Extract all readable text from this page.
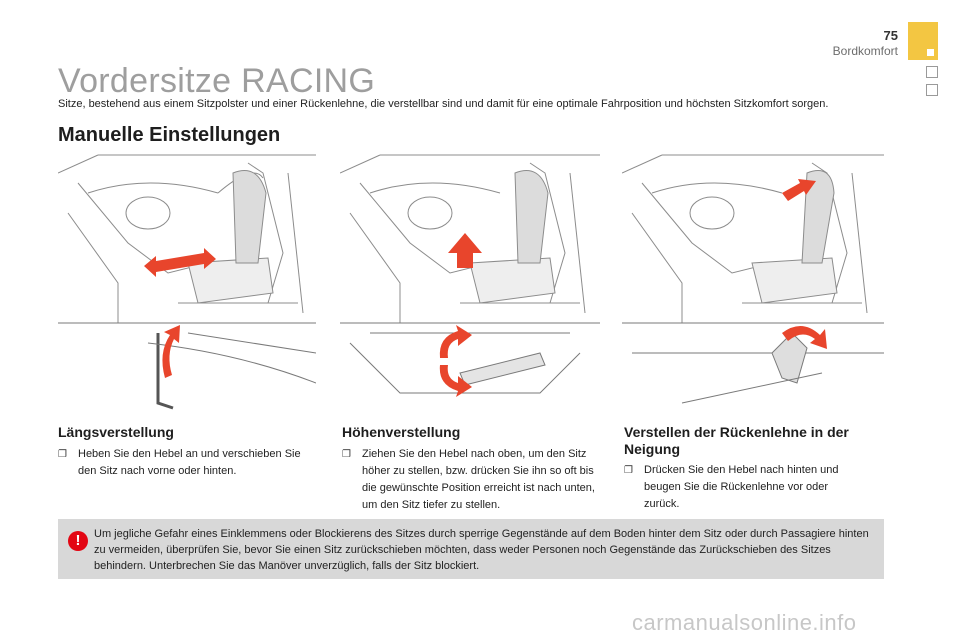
75
Bordkomfort
Vordersitze RACING
Sitze, bestehend aus einem Sitzpolster und einer Rückenlehne, die verstellbar sind und damit für eine optimale Fahrposition und höchsten Sitzkomfort sorgen.
Manuelle Einstellungen
Längsverstellung
❐	Heben Sie den Hebel an und verschieben Sie den Sitz nach vorne oder hinten.
Höhenverstellung
❐	Ziehen Sie den Hebel nach oben, um den Sitz höher zu stellen, bzw. drücken Sie ihn so oft bis die gewünschte Position erreicht ist nach unten, um den Sitz tiefer zu stellen.
Verstellen der Rückenlehne in der Neigung
❐	Drücken Sie den Hebel nach hinten und beugen Sie die Rückenlehne vor oder zurück.
!	Um jegliche Gefahr eines Einklemmens oder Blockierens des Sitzes durch sperrige Gegenstände auf dem Boden hinter dem Sitz oder durch Passagiere hinten zu vermeiden, überprüfen Sie, bevor Sie einen Sitz zurückschieben möchten, dass weder Personen noch Gegenstände das Zurückschieben des Sitzes behindern. Unterbrechen Sie das Manöver unverzüglich, falls der Sitz blockiert.
carmanualsonline.info
